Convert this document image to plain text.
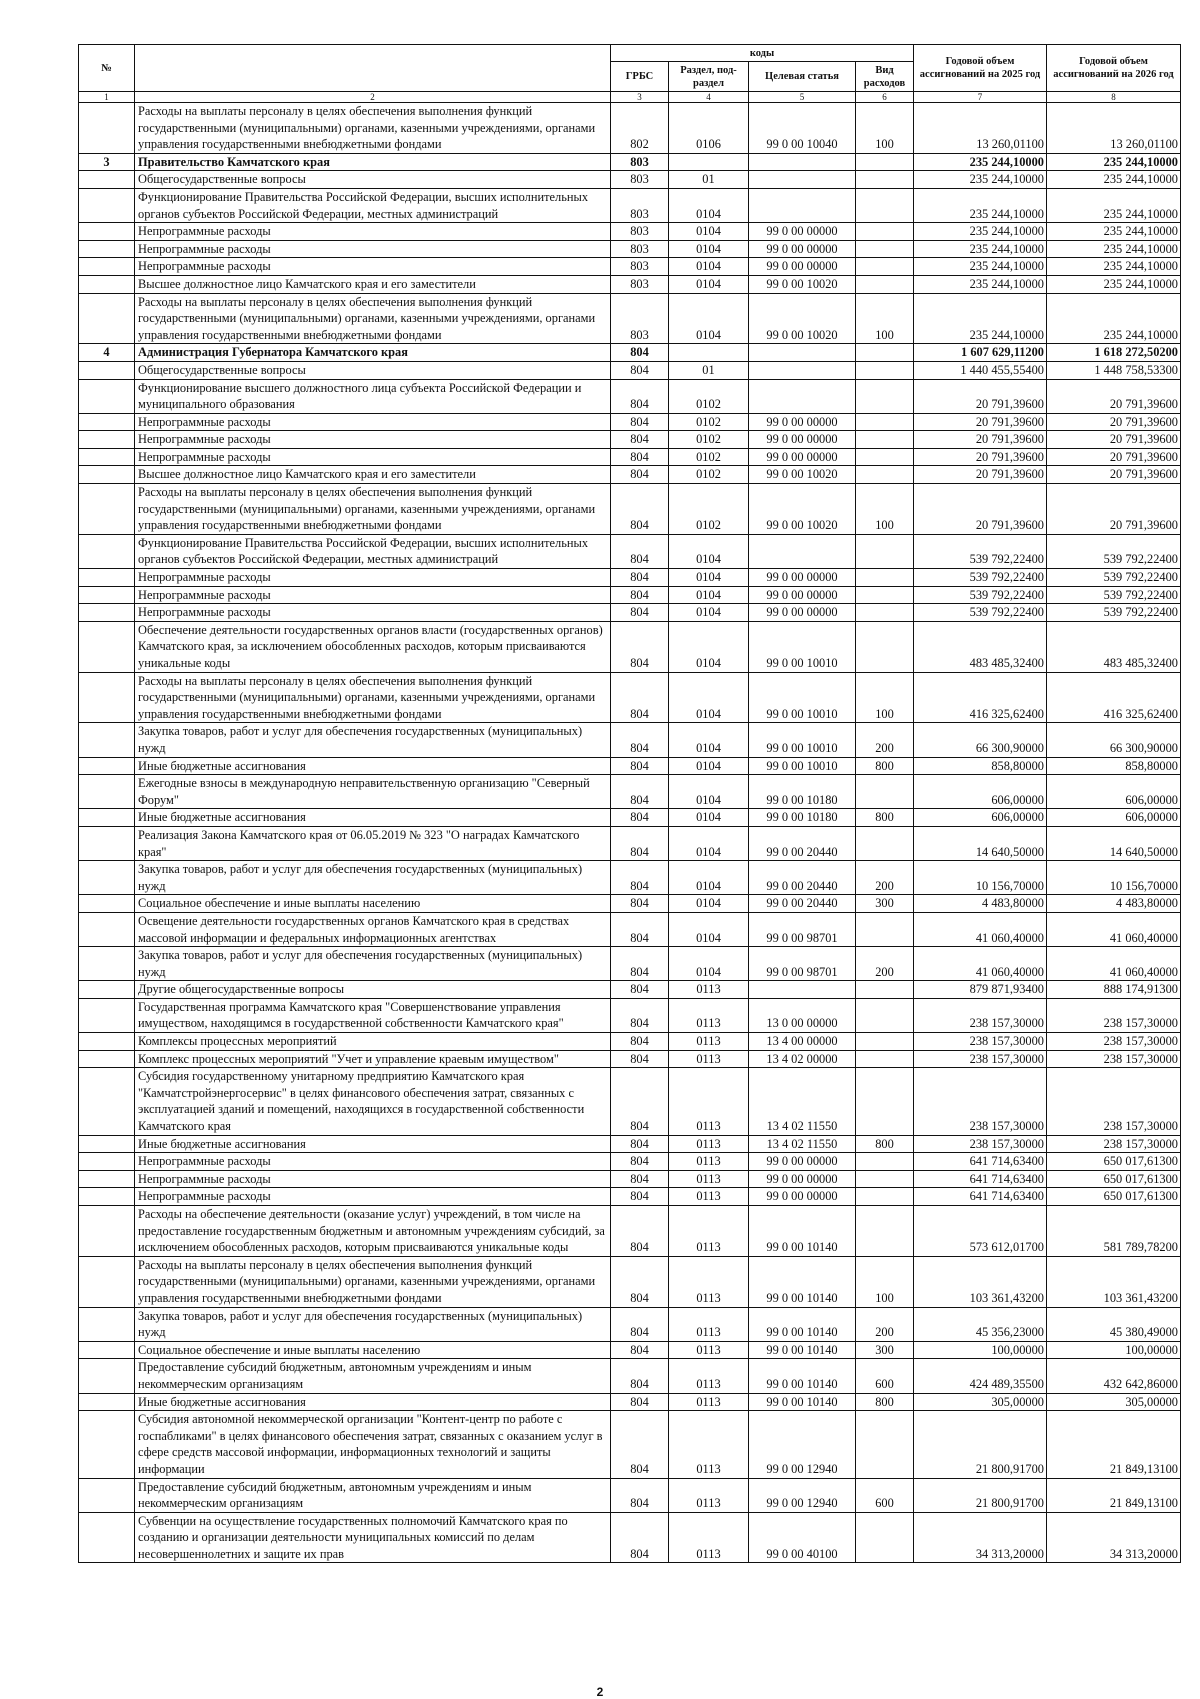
№		коды				Годовой объем ассигнований на 2025 год	Годовой объем ассигнований на 2026 год
		ГРБС	Раздел, под-раздел	Целевая статья	Вид расходов		
1	2	3	4	5	6	7	8
	Расходы на выплаты персоналу в целях обеспечения выполнения функций государственными (муниципальными) органами, казенными учреждениями, органами управления государственными внебюджетными фондами	802	0106	99 0 00 10040	100	13 260,01100	13 260,01100
3	Правительство Камчатского края	803				235 244,10000	235 244,10000
	Общегосударственные вопросы	803	01			235 244,10000	235 244,10000
	Функционирование Правительства Российской Федерации, высших исполнительных органов субъектов Российской Федерации, местных администраций	803	0104			235 244,10000	235 244,10000
	Непрограммные расходы	803	0104	99 0 00 00000		235 244,10000	235 244,10000
	Непрограммные расходы	803	0104	99 0 00 00000		235 244,10000	235 244,10000
	Непрограммные расходы	803	0104	99 0 00 00000		235 244,10000	235 244,10000
	Высшее должностное лицо Камчатского края и его заместители	803	0104	99 0 00 10020		235 244,10000	235 244,10000
	Расходы на выплаты персоналу в целях обеспечения выполнения функций государственными (муниципальными) органами, казенными учреждениями, органами управления государственными внебюджетными фондами	803	0104	99 0 00 10020	100	235 244,10000	235 244,10000
4	Администрация Губернатора Камчатского края	804				1 607 629,11200	1 618 272,50200
	Общегосударственные вопросы	804	01			1 440 455,55400	1 448 758,53300
	Функционирование высшего должностного лица субъекта Российской Федерации и муниципального образования	804	0102			20 791,39600	20 791,39600
	Непрограммные расходы	804	0102	99 0 00 00000		20 791,39600	20 791,39600
	Непрограммные расходы	804	0102	99 0 00 00000		20 791,39600	20 791,39600
	Непрограммные расходы	804	0102	99 0 00 00000		20 791,39600	20 791,39600
	Высшее должностное лицо Камчатского края и его заместители	804	0102	99 0 00 10020		20 791,39600	20 791,39600
	Расходы на выплаты персоналу в целях обеспечения выполнения функций государственными (муниципальными) органами, казенными учреждениями, органами управления государственными внебюджетными фондами	804	0102	99 0 00 10020	100	20 791,39600	20 791,39600
	Функционирование Правительства Российской Федерации, высших исполнительных органов субъектов Российской Федерации, местных администраций	804	0104			539 792,22400	539 792,22400
	Непрограммные расходы	804	0104	99 0 00 00000		539 792,22400	539 792,22400
	Непрограммные расходы	804	0104	99 0 00 00000		539 792,22400	539 792,22400
	Непрограммные расходы	804	0104	99 0 00 00000		539 792,22400	539 792,22400
	Обеспечение деятельности государственных органов власти (государственных органов) Камчатского края, за исключением обособленных расходов, которым присваиваются уникальные коды	804	0104	99 0 00 10010		483 485,32400	483 485,32400
	Расходы на выплаты персоналу в целях обеспечения выполнения функций государственными (муниципальными) органами, казенными учреждениями, органами управления государственными внебюджетными фондами	804	0104	99 0 00 10010	100	416 325,62400	416 325,62400
	Закупка товаров, работ и услуг для обеспечения государственных (муниципальных) нужд	804	0104	99 0 00 10010	200	66 300,90000	66 300,90000
	Иные бюджетные ассигнования	804	0104	99 0 00 10010	800	858,80000	858,80000
	Ежегодные взносы в международную неправительственную организацию "Северный Форум"	804	0104	99 0 00 10180		606,00000	606,00000
	Иные бюджетные ассигнования	804	0104	99 0 00 10180	800	606,00000	606,00000
	Реализация Закона Камчатского края от 06.05.2019 № 323 "О наградах Камчатского края"	804	0104	99 0 00 20440		14 640,50000	14 640,50000
	Закупка товаров, работ и услуг для обеспечения государственных (муниципальных) нужд	804	0104	99 0 00 20440	200	10 156,70000	10 156,70000
	Социальное обеспечение и иные выплаты населению	804	0104	99 0 00 20440	300	4 483,80000	4 483,80000
	Освещение деятельности государственных органов Камчатского края в средствах массовой информации и федеральных информационных агентствах	804	0104	99 0 00 98701		41 060,40000	41 060,40000
	Закупка товаров, работ и услуг для обеспечения государственных (муниципальных) нужд	804	0104	99 0 00 98701	200	41 060,40000	41 060,40000
	Другие общегосударственные вопросы	804	0113			879 871,93400	888 174,91300
	Государственная программа Камчатского края "Совершенствование управления имуществом, находящимся в государственной собственности Камчатского края"	804	0113	13 0 00 00000		238 157,30000	238 157,30000
	Комплексы процессных мероприятий	804	0113	13 4 00 00000		238 157,30000	238 157,30000
	Комплекс процессных мероприятий "Учет и управление краевым имуществом"	804	0113	13 4 02 00000		238 157,30000	238 157,30000
	Субсидия государственному унитарному предприятию Камчатского края "Камчатстройэнергосервис" в целях финансового обеспечения затрат, связанных с эксплуатацией зданий и помещений, находящихся в государственной собственности Камчатского края	804	0113	13 4 02 11550		238 157,30000	238 157,30000
	Иные бюджетные ассигнования	804	0113	13 4 02 11550	800	238 157,30000	238 157,30000
	Непрограммные расходы	804	0113	99 0 00 00000		641 714,63400	650 017,61300
	Непрограммные расходы	804	0113	99 0 00 00000		641 714,63400	650 017,61300
	Непрограммные расходы	804	0113	99 0 00 00000		641 714,63400	650 017,61300
	Расходы на обеспечение деятельности (оказание услуг) учреждений, в том числе на предоставление государственным бюджетным и автономным учреждениям субсидий, за исключением обособленных расходов, которым присваиваются уникальные коды	804	0113	99 0 00 10140		573 612,01700	581 789,78200
	Расходы на выплаты персоналу в целях обеспечения выполнения функций государственными (муниципальными) органами, казенными учреждениями, органами управления государственными внебюджетными фондами	804	0113	99 0 00 10140	100	103 361,43200	103 361,43200
	Закупка товаров, работ и услуг для обеспечения государственных (муниципальных) нужд	804	0113	99 0 00 10140	200	45 356,23000	45 380,49000
	Социальное обеспечение и иные выплаты населению	804	0113	99 0 00 10140	300	100,00000	100,00000
	Предоставление субсидий бюджетным, автономным учреждениям и иным некоммерческим организациям	804	0113	99 0 00 10140	600	424 489,35500	432 642,86000
	Иные бюджетные ассигнования	804	0113	99 0 00 10140	800	305,00000	305,00000
	Субсидия автономной некоммерческой организации "Контент-центр по работе с госпабликами" в целях финансового обеспечения затрат, связанных с оказанием услуг в сфере средств массовой информации, информационных технологий и защиты информации	804	0113	99 0 00 12940		21 800,91700	21 849,13100
	Предоставление субсидий бюджетным, автономным учреждениям и иным некоммерческим организациям	804	0113	99 0 00 12940	600	21 800,91700	21 849,13100
	Субвенции на осуществление государственных полномочий Камчатского края по созданию и организации деятельности муниципальных комиссий по делам несовершеннолетних и защите их прав	804	0113	99 0 00 40100		34 313,20000	34 313,20000
2
